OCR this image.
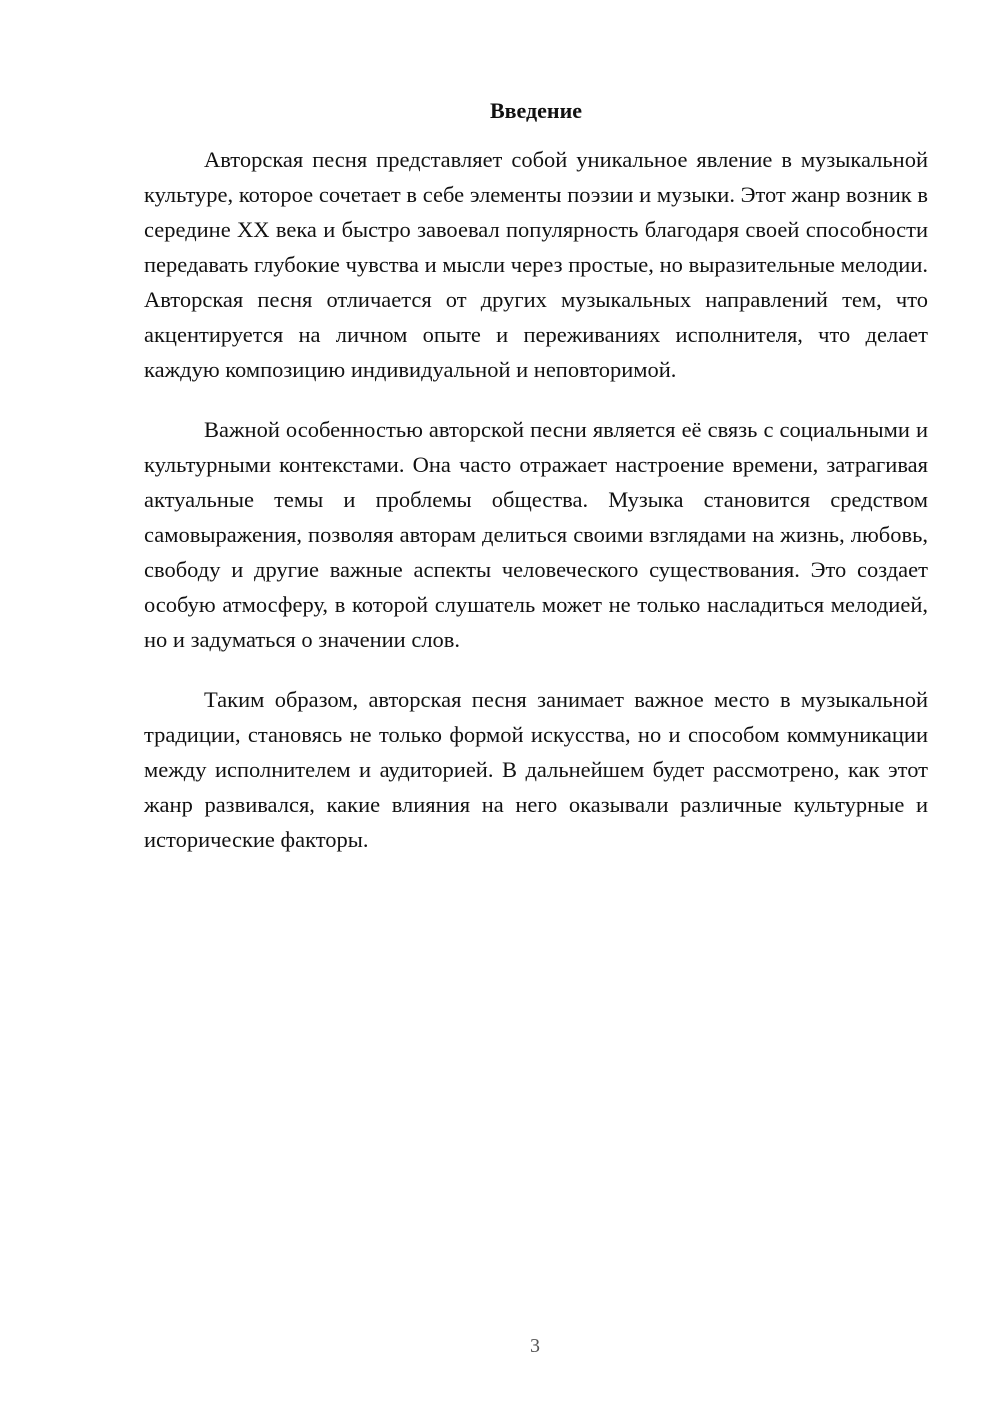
Введение

Авторская песня представляет собой уникальное явление в музыкальной культуре, которое сочетает в себе элементы поэзии и музыки. Этот жанр возник в середине XX века и быстро завоевал популярность благодаря своей способности передавать глубокие чувства и мысли через простые, но выразительные мелодии. Авторская песня отличается от других музыкальных направлений тем, что акцентируется на личном опыте и переживаниях исполнителя, что делает каждую композицию индивидуальной и неповторимой.

Важной особенностью авторской песни является её связь с социальными и культурными контекстами. Она часто отражает настроение времени, затрагивая актуальные темы и проблемы общества. Музыка становится средством самовыражения, позволяя авторам делиться своими взглядами на жизнь, любовь, свободу и другие важные аспекты человеческого существования. Это создает особую атмосферу, в которой слушатель может не только насладиться мелодией, но и задуматься о значении слов.

Таким образом, авторская песня занимает важное место в музыкальной традиции, становясь не только формой искусства, но и способом коммуникации между исполнителем и аудиторией. В дальнейшем будет рассмотрено, как этот жанр развивался, какие влияния на него оказывали различные культурные и исторические факторы.

3
